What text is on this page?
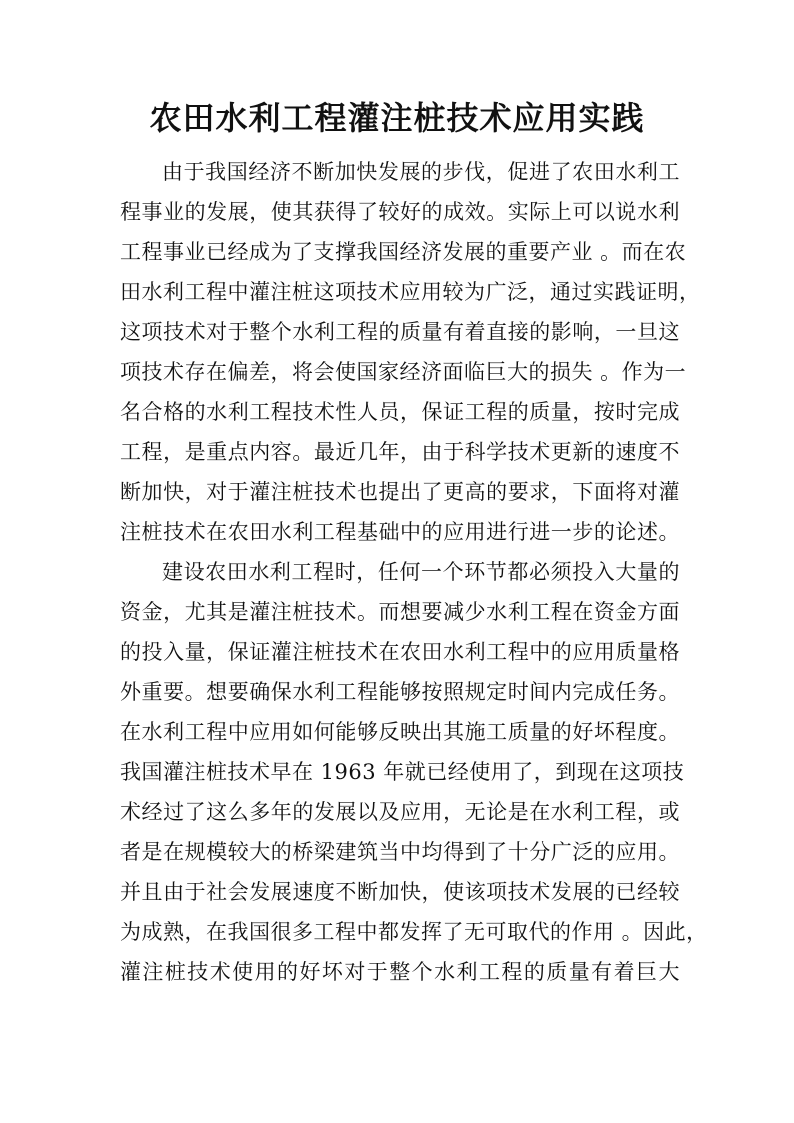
农田水利工程灌注桩技术应用实践
由于我国经济不断加快发展的步伐，促进了农田水利工
程事业的发展，使其获得了较好的成效。实际上可以说水利
工程事业已经成为了支撑我国经济发展的重要产业 。而在农
田水利工程中灌注桩这项技术应用较为广泛，通过实践证明，
这项技术对于整个水利工程的质量有着直接的影响，一旦这
项技术存在偏差，将会使国家经济面临巨大的损失 。作为一
名合格的水利工程技术性人员，保证工程的质量，按时完成
工程，是重点内容。最近几年，由于科学技术更新的速度不
断加快，对于灌注桩技术也提出了更高的要求，下面将对灌
注桩技术在农田水利工程基础中的应用进行进一步的论述。
建设农田水利工程时，任何一个环节都必须投入大量的
资金，尤其是灌注桩技术。而想要减少水利工程在资金方面
的投入量，保证灌注桩技术在农田水利工程中的应用质量格
外重要。想要确保水利工程能够按照规定时间内完成任务。
在水利工程中应用如何能够反映出其施工质量的好坏程度。
我国灌注桩技术早在 1963 年就已经使用了，到现在这项技
术经过了这么多年的发展以及应用，无论是在水利工程，或
者是在规模较大的桥梁建筑当中均得到了十分广泛的应用。
并且由于社会发展速度不断加快，使该项技术发展的已经较
为成熟，在我国很多工程中都发挥了无可取代的作用 。因此，
灌注桩技术使用的好坏对于整个水利工程的质量有着巨大
